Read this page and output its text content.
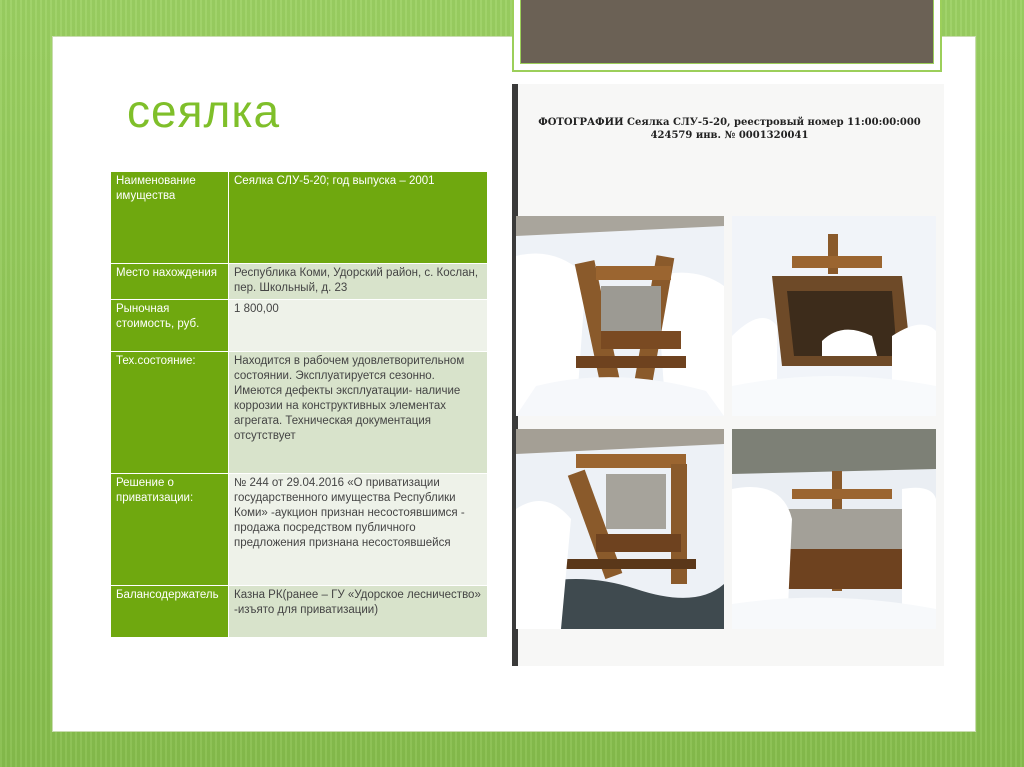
сеялка
Наименование имущества	Сеялка СЛУ-5-20; год выпуска – 2001
Место нахождения	Республика Коми, Удорский район, с. Кослан, пер. Школьный, д. 23
Рыночная стоимость, руб.	1 800,00
Тех.состояние:	Находится в рабочем удовлетворительном состоянии. Эксплуатируется сезонно. Имеются дефекты эксплуатации- наличие коррозии на конструктивных элементах агрегата. Техническая документация отсутствует
Решение о приватизации:	№ 244 от 29.04.2016 «О приватизации государственного имущества Республики Коми» -аукцион признан несостоявшимся - продажа посредством публичного предложения признана несостоявшейся
Балансодержатель	Казна РК(ранее – ГУ «Удорское лесничество» -изъято для приватизации)
ФОТОГРАФИИ Сеялка СЛУ-5-20, реестровый номер 11:00:00:000 424579 инв. № 0001320041
